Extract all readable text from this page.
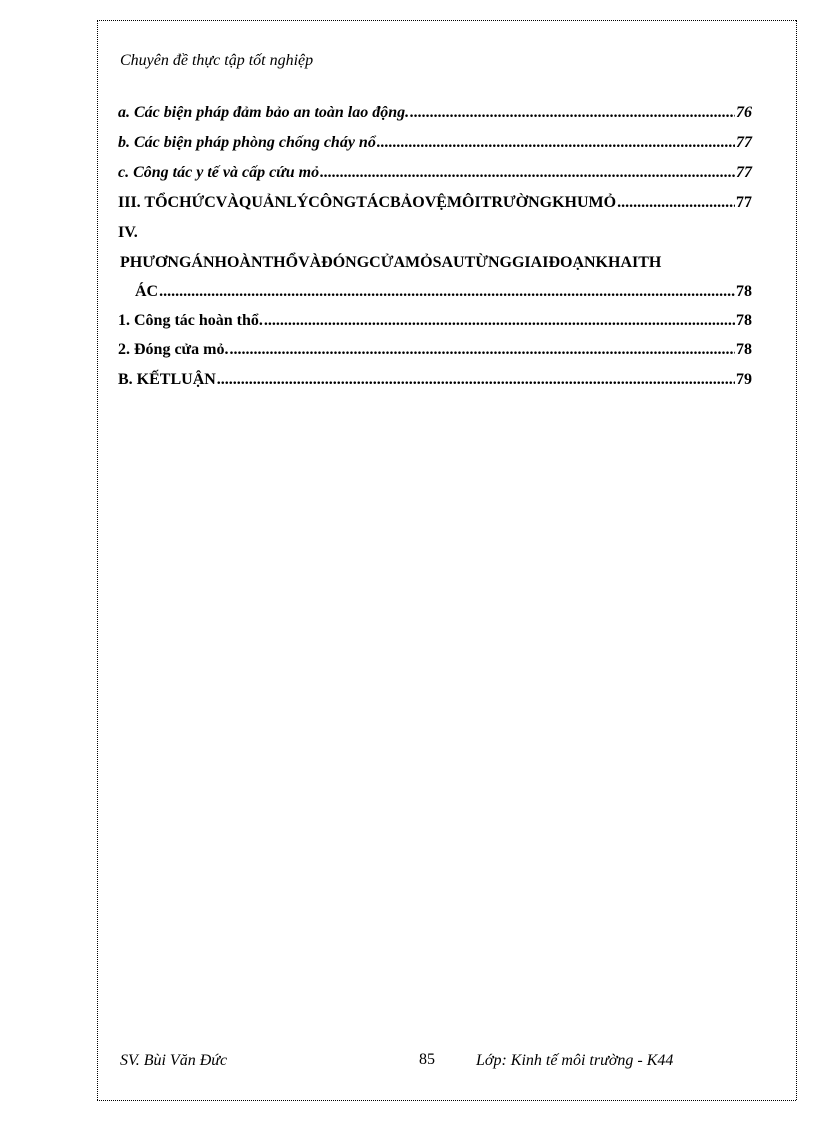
Chuyên đề thực tập tốt nghiệp
a. Các biện pháp đảm bảo an toàn lao động. .....	76
b. Các biện pháp phòng chống cháy nổ .....	77
c. Công tác y tế và cấp cứu mỏ .....	77
III. TỔCHỨCVÀQUẢNLÝCÔNGTÁCBẢOVỆMÔITRƯỜNGKHUMỎ .....	77
IV.
PHƯƠNGÁNHOÀNTHỔVÀĐÓNGCỬAMỎSAUTỪNGGIAIĐOẠNKHAITH
ÁC .....	78
1. Công tác hoàn thổ. .....	78
2. Đóng cửa mỏ. .....	78
B. KẾTLUẬN .....	79
SV. Bùi Văn Đức	85	Lớp: Kinh tế môi trường - K44
